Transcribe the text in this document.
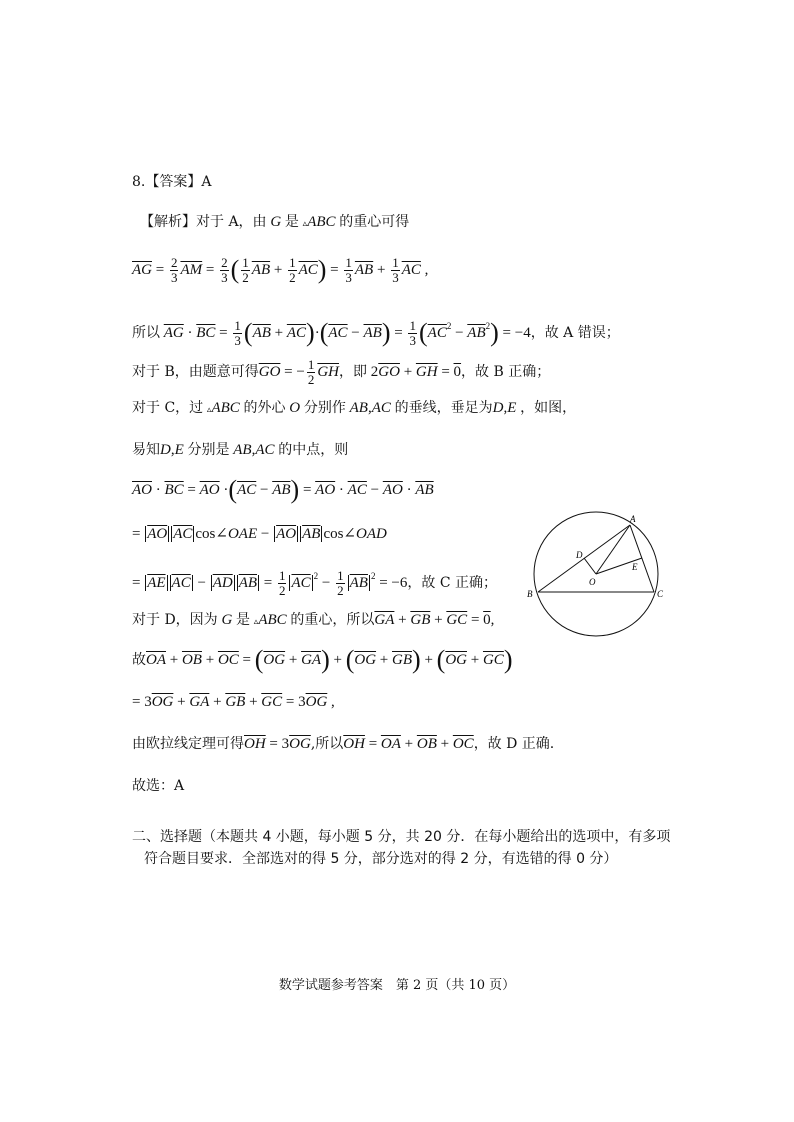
8.【答案】A
【解析】对于 A，由 G 是 ▵ABC 的重心可得
$\overline{AG} = \frac{2}{3} \overline{AM} = \frac{2}{3}$ ( $\frac{1}{2} \overline{AB} + \frac{1}{2} \overline{AC}) = \frac{1}{3} \overline{AB} + \frac{1}{3} \overline{AC}$ ,
所以 $\overline{AG} \cdot \overline{BC} = \frac{1}{3} (\overline{AB} + \overline{AC})\cdot(\overline{AC} - \overline{AB}) = \frac{1}{3} (\overline{AC}^2 - \overline{AB}^2) = -4$，故 A 错误；
对于 B，由题意可得$\overline{GO}$ = − $\frac{1}{2} \overline{GH}$，即 $2\overline{GO} + \overline{GH} = 0$，故 B 正确；
对于 C，过 ▵ABC 的外心 O 分别作 AB,AC 的垂线，垂足为D,E ，如图，
易知D,E 分别是 AB,AC 的中点，则
$\overline{AO} \cdot \overline{BC} = \overline{AO} \cdot(\overline{AC} - \overline{AB}) = \overline{AO} \cdot \overline{AC} - \overline{AO} \cdot \overline{AB}$
= $\overline{AO}$ $\overline{AC}$ cos∠OAE − $\overline{AO}$ $\overline{AB}$ cos∠OAD
= $\overline{AE}$ $\overline{AC} - \overline{AD}$ $\overline{AB} = \frac{1}{2} \overline{AC}$ $^2 - \frac{1}{2} \overline{AB}$ $^2$ = −6，故 C 正确；
对于 D，因为 G 是 ▵ABC 的重心，所以$\overline{GA} + \overline{GB} + \overline{GC} = 0$,
故$\overline{OA} + \overline{OB} + \overline{OC} = (\overline{OG} + \overline{GA}) + (\overline{OG} + \overline{GB}) + (\overline{OG} + \overline{GC})$
= $3\overline{OG} + \overline{GA} + \overline{GB} + \overline{GC} = 3\overline{OG}$ ,
由欧拉线定理可得$\overline{OH} = 3\overline{OG}$,所以$\overline{OH} = \overline{OA} + \overline{OB} + \overline{OC}$，故 D 正确.
故选：A
二、选择题（本题共 4 小题，每小题 5 分，共 20 分．在每小题给出的选项中，有多项
符合题目要求．全部选对的得 5 分，部分选对的得 2 分，有选错的得 0 分）
A
B	C
D
E
O
数学试题参考答案　第 2 页（共 10 页）
